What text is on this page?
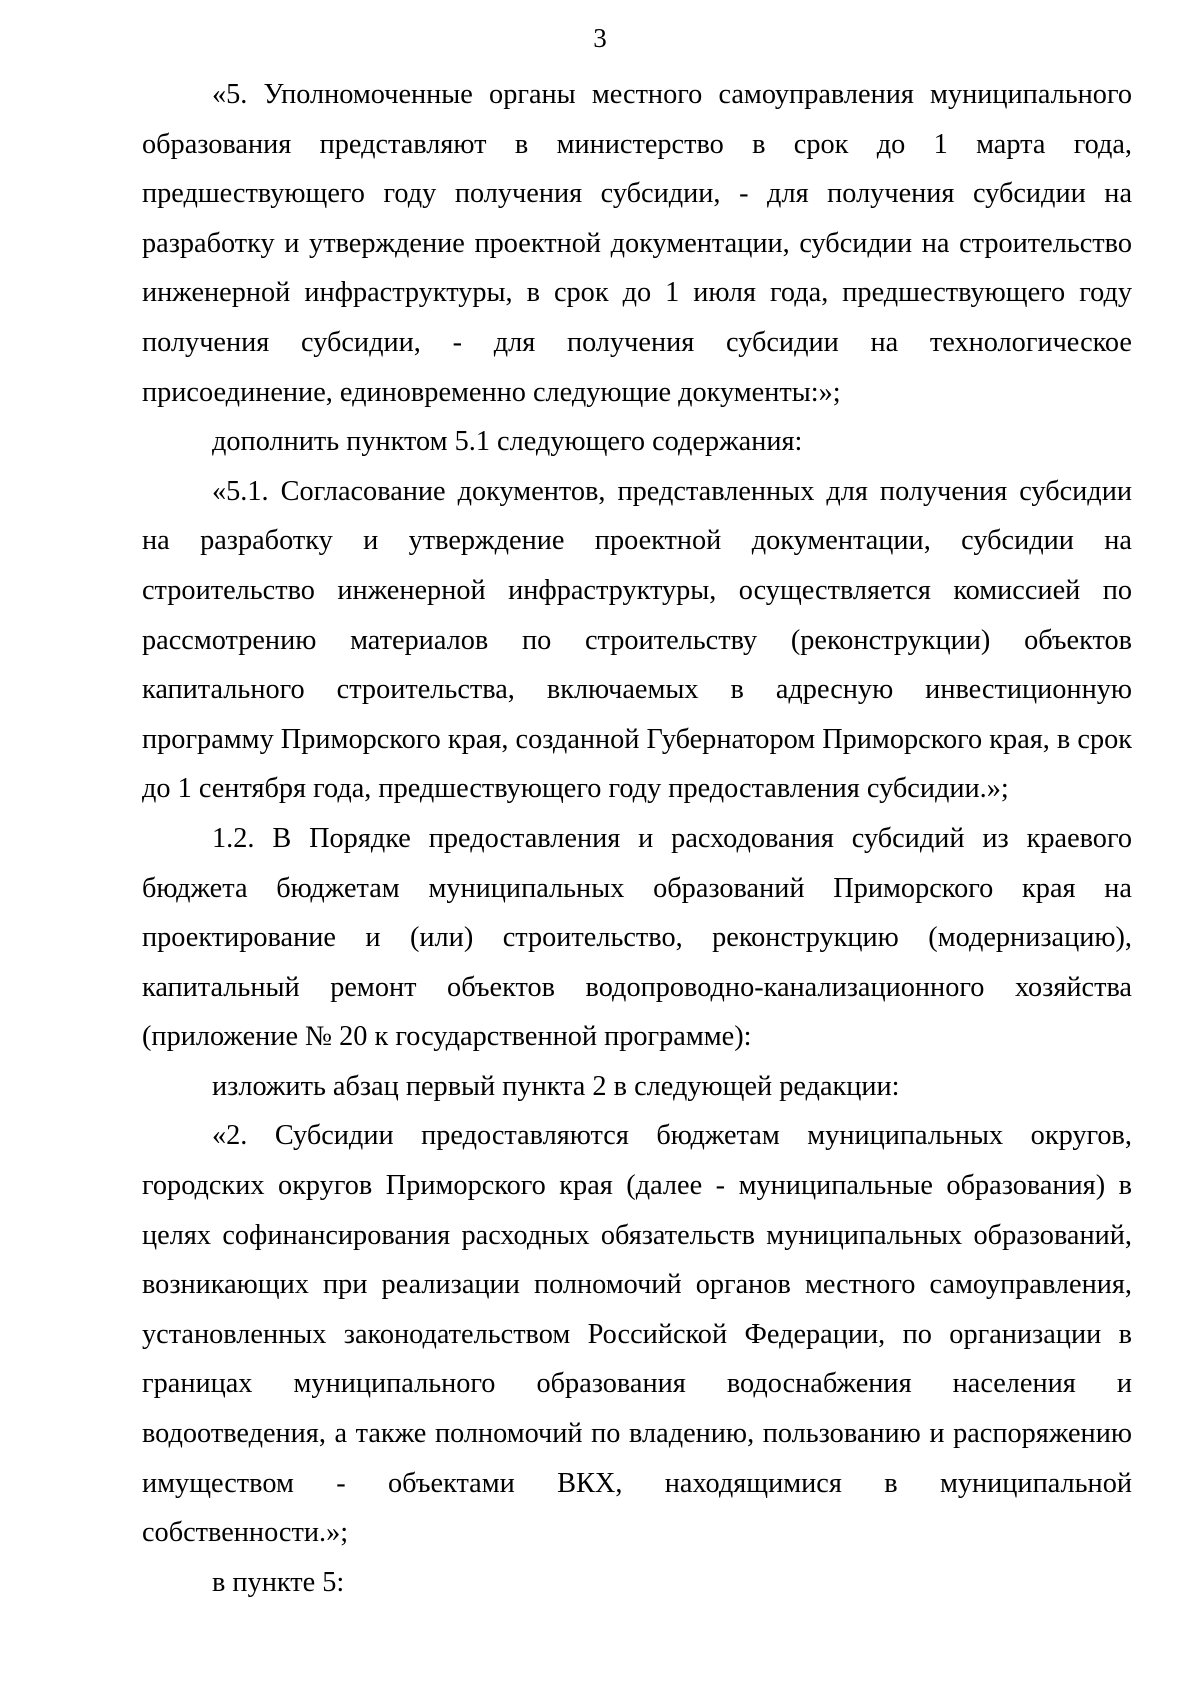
3

«5. Уполномоченные органы местного самоуправления муниципального образования представляют в министерство в срок до 1 марта года, предшествующего году получения субсидии, - для получения субсидии на разработку и утверждение проектной документации, субсидии на строительство инженерной инфраструктуры, в срок до 1 июля года, предшествующего году получения субсидии, - для получения субсидии на технологическое присоединение, единовременно следующие документы:»;

дополнить пунктом 5.1 следующего содержания:

«5.1. Согласование документов, представленных для получения субсидии на разработку и утверждение проектной документации, субсидии на строительство инженерной инфраструктуры, осуществляется комиссией по рассмотрению материалов по строительству (реконструкции) объектов капитального строительства, включаемых в адресную инвестиционную программу Приморского края, созданной Губернатором Приморского края, в срок до 1 сентября года, предшествующего году предоставления субсидии.»;

1.2. В Порядке предоставления и расходования субсидий из краевого бюджета бюджетам муниципальных образований Приморского края на проектирование и (или) строительство, реконструкцию (модернизацию), капитальный ремонт объектов водопроводно-канализационного хозяйства (приложение № 20 к государственной программе):

изложить абзац первый пункта 2 в следующей редакции:

«2. Субсидии предоставляются бюджетам муниципальных округов, городских округов Приморского края (далее - муниципальные образования) в целях софинансирования расходных обязательств муниципальных образований, возникающих при реализации полномочий органов местного самоуправления, установленных законодательством Российской Федерации, по организации в границах муниципального образования водоснабжения населения и водоотведения, а также полномочий по владению, пользованию и распоряжению имуществом - объектами ВКХ, находящимися в муниципальной собственности.»;

в пункте 5:
